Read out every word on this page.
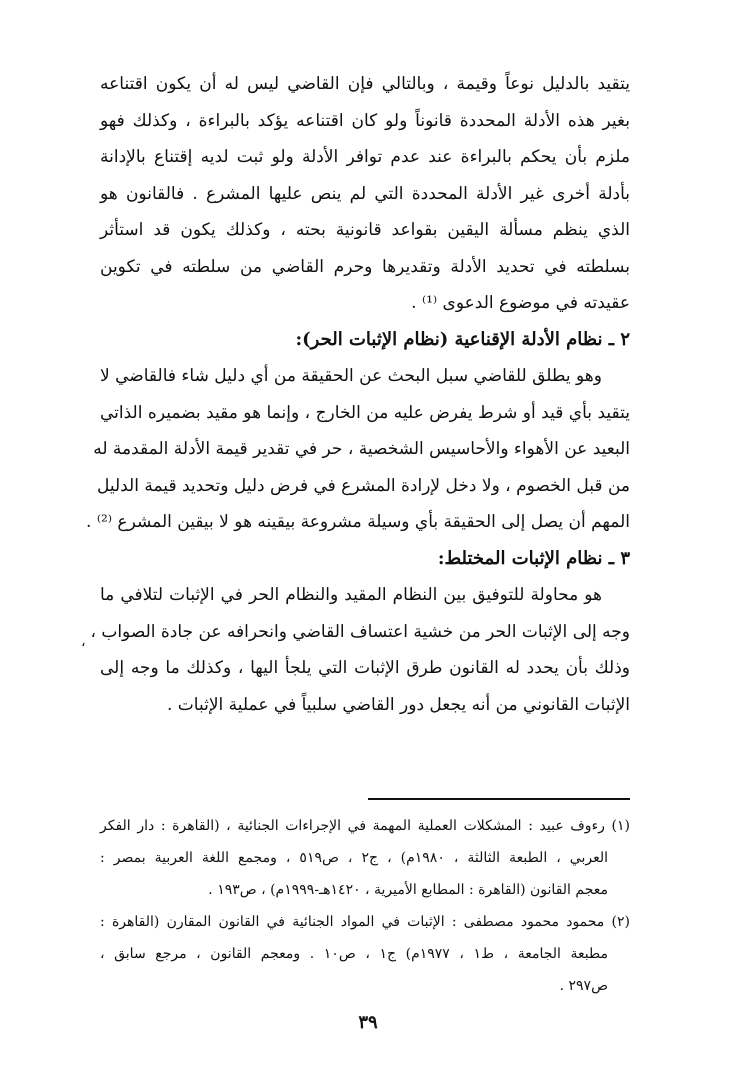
،
يتقيد بالدليل نوعاً وقيمة ، وبالتالي فإن القاضي ليس له أن يكون اقتناعه
بغير هذه الأدلة المحددة قانوناً ولو كان اقتناعه يؤكد بالبراءة ، وكذلك فهو
ملزم بأن يحكم بالبراءة عند عدم توافر الأدلة ولو ثبت لديه إقتناع بالإدانة
بأدلة أخرى غير الأدلة المحددة التي لم ينص عليها المشرع . فالقانون هو
الذي ينظم مسألة اليقين بقواعد قانونية بحته ، وكذلك يكون قد استأثر
بسلطته في تحديد الأدلة وتقديرها وحرم القاضي من سلطته في تكوين
عقيدته في موضوع الدعوى ⁽¹⁾ .
٢ ـ نظام الأدلة الإقناعية (نظام الإثبات الحر):
وهو يطلق للقاضي سبل البحث عن الحقيقة من أي دليل شاء فالقاضي لا
يتقيد بأي قيد أو شرط يفرض عليه من الخارج ، وإنما هو مقيد بضميره الذاتي
البعيد عن الأهواء والأحاسيس الشخصية ، حر في تقدير قيمة الأدلة المقدمة له
من قبل الخصوم ، ولا دخل لإرادة المشرع في فرض دليل وتحديد قيمة الدليل
المهم أن يصل إلى الحقيقة بأي وسيلة مشروعة بيقينه هو لا بيقين المشرع ⁽²⁾ .
٣ ـ نظام الإثبات المختلط:
هو محاولة للتوفيق بين النظام المقيد والنظام الحر في الإثبات لتلافي ما
وجه إلى الإثبات الحر من خشية اعتساف القاضي وانحرافه عن جادة الصواب ،
وذلك بأن يحدد له القانون طرق الإثبات التي يلجأ اليها ، وكذلك ما وجه إلى
الإثبات القانوني من أنه يجعل دور القاضي سلبياً في عملية الإثبات .
(١) رءوف عبيد : المشكلات العملية المهمة في الإجراءات الجنائية ، (القاهرة : دار الفكر
العربي ، الطبعة الثالثة ، ١٩٨٠م) ، ج٢ ، ص٥١٩ ، ومجمع اللغة العربية بمصر :
معجم القانون (القاهرة : المطابع الأميرية ، ١٤٢٠هـ-١٩٩٩م) ، ص١٩٣ .
(٢) محمود محمود مصطفى : الإثبات في المواد الجنائية في القانون المقارن (القاهرة :
مطبعة الجامعة ، ط١ ، ١٩٧٧م) ج١ ، ص١٠ . ومعجم القانون ، مرجع سابق ،
ص٢٩٧ .
٣٩
